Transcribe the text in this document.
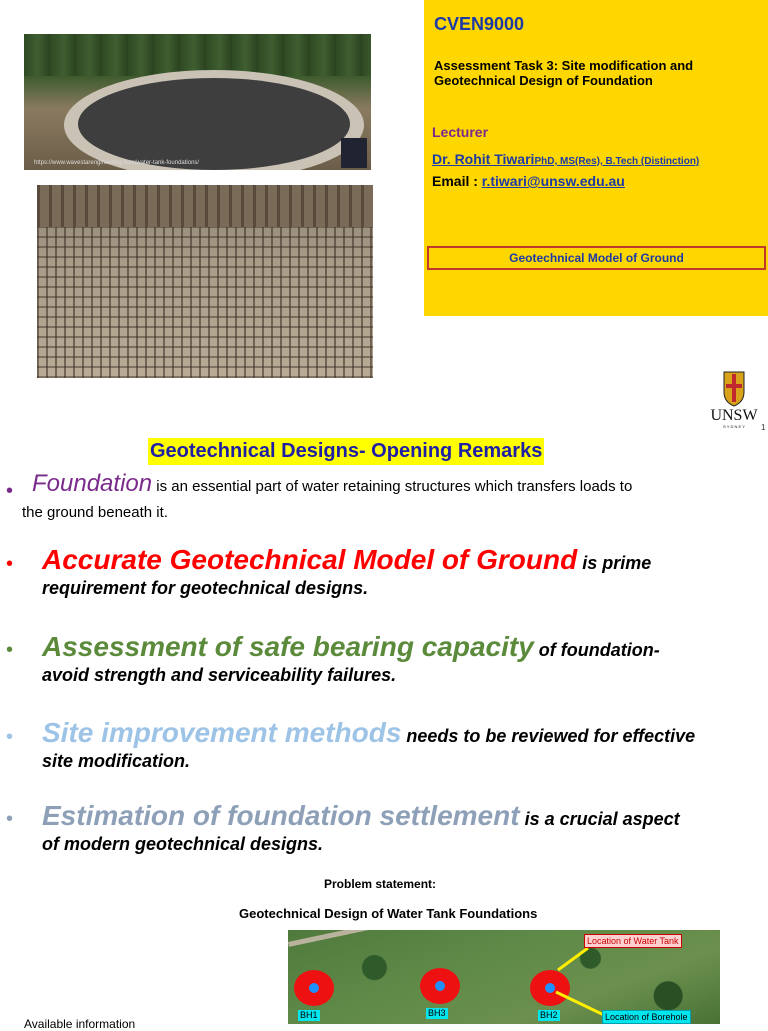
https://www.wavestarengineering.com/water-tank-foundations/
CVEN9000
Assessment Task 3: Site modification and Geotechnical Design of Foundation
Lecturer
Dr. Rohit TiwariPhD, MS(Res), B.Tech (Distinction)
Email : r.tiwari@unsw.edu.au
Geotechnical Model of Ground
UNSW
S Y D N E Y 1
Geotechnical Designs- Opening Remarks
• Foundation is an essential part of water retaining structures which transfers loads to
the ground beneath it.
• Accurate Geotechnical Model of Ground is prime
requirement for geotechnical designs.
• Assessment of safe bearing capacity of foundation-
avoid strength and serviceability failures.
• Site improvement methods needs to be reviewed for effective
site modification.
• Estimation of foundation settlement is a crucial aspect
of modern geotechnical designs.
Problem statement:
Geotechnical Design of Water Tank Foundations
Available information
BH1	BH3	BH2
Location of Water Tank
Location of Borehole
